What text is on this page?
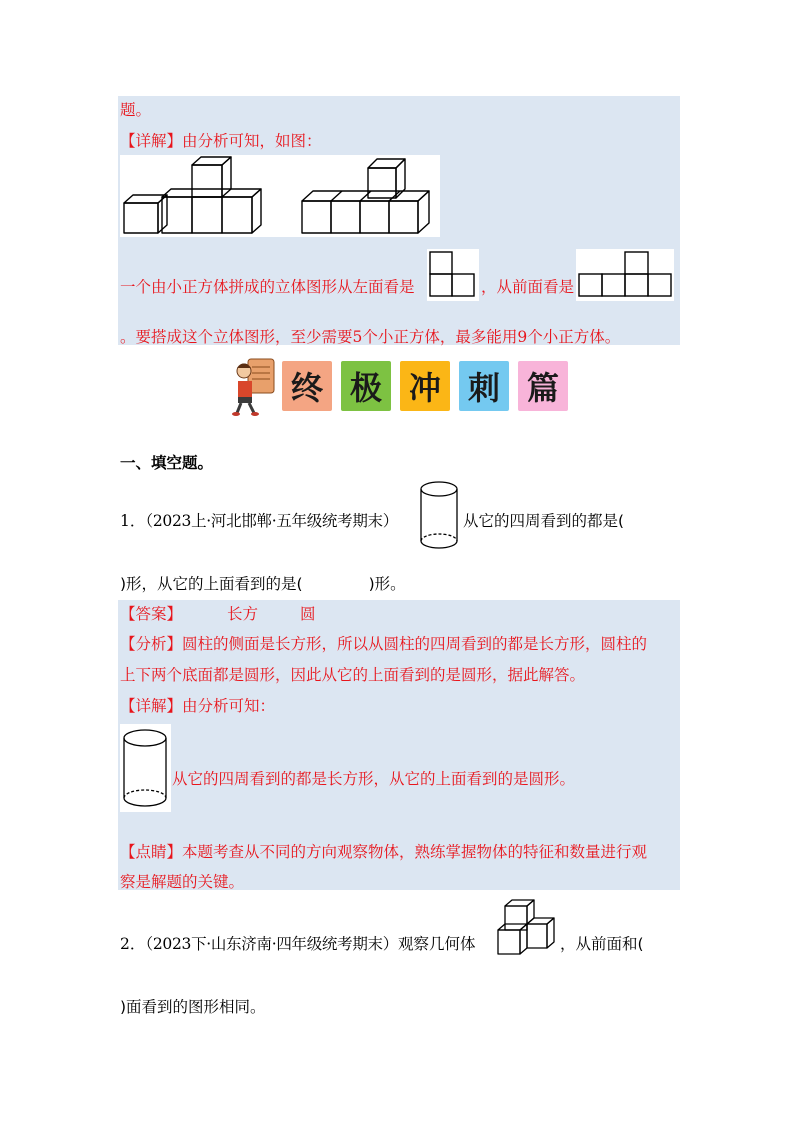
题。
【详解】由分析可知，如图：
一个由小正方体拼成的立体图形从左面看是	，从前面看是
。要搭成这个立体图形，至少需要5个小正方体，最多能用9个小正方体。
终 极 冲 刺 篇
一、填空题。
1．（2023上·河北邯郸·五年级统考期末）	从它的四周看到的都是(
)形，从它的上面看到的是(	)形。
【答案】	长方	圆
【分析】圆柱的侧面是长方形，所以从圆柱的四周看到的都是长方形，圆柱的
上下两个底面都是圆形，因此从它的上面看到的是圆形，据此解答。
【详解】由分析可知：
从它的四周看到的都是长方形，从它的上面看到的是圆形。
【点睛】本题考查从不同的方向观察物体，熟练掌握物体的特征和数量进行观
察是解题的关键。
2．（2023下·山东济南·四年级统考期末）观察几何体	，从前面和(
)面看到的图形相同。
